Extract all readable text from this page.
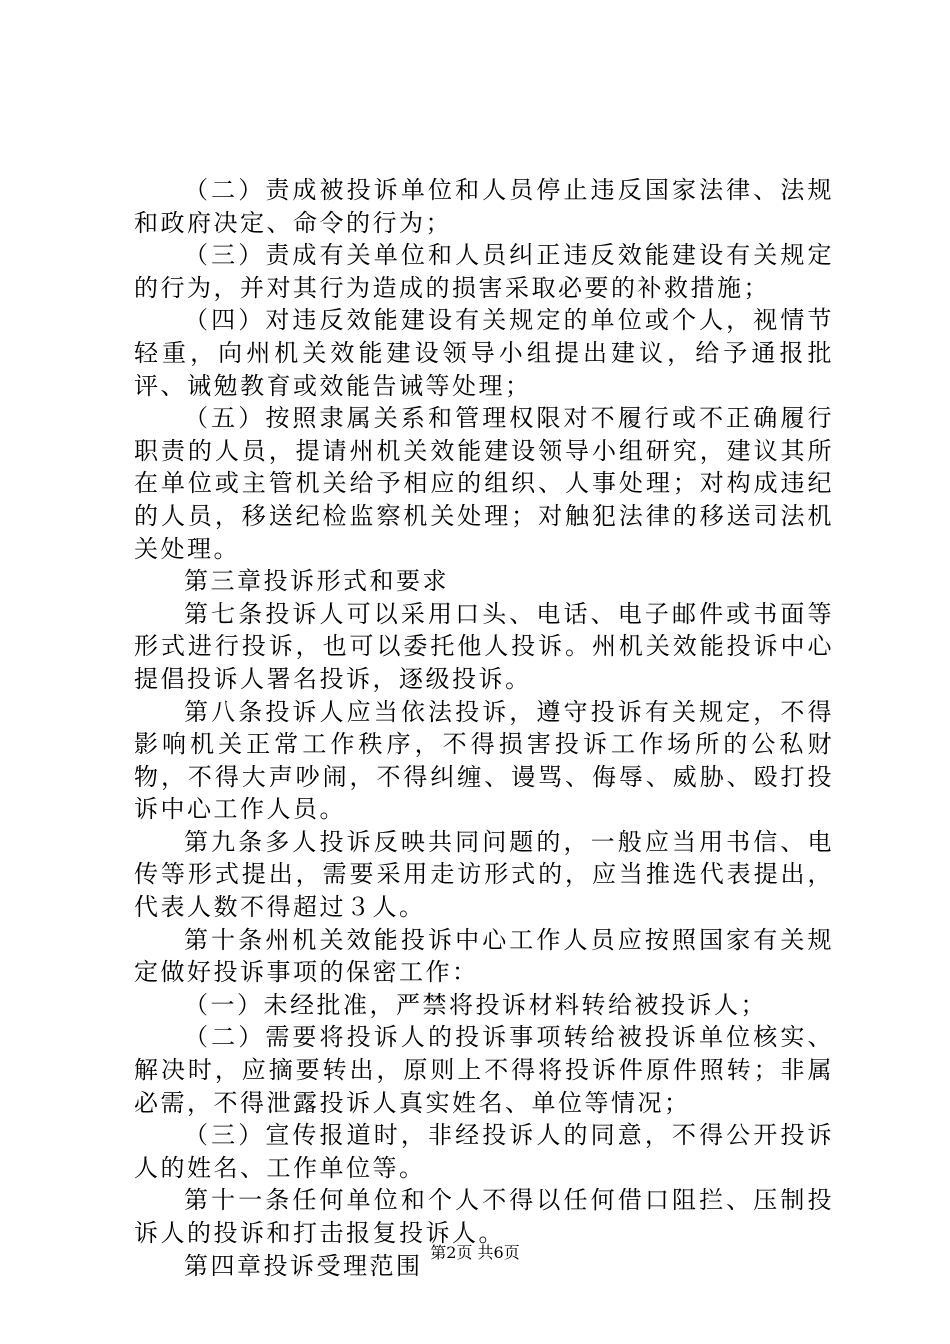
（二）责成被投诉单位和人员停止违反国家法律、法规和政府决定、命令的行为；

（三）责成有关单位和人员纠正违反效能建设有关规定的行为，并对其行为造成的损害采取必要的补救措施；

（四）对违反效能建设有关规定的单位或个人，视情节轻重，向州机关效能建设领导小组提出建议，给予通报批评、诫勉教育或效能告诫等处理；

（五）按照隶属关系和管理权限对不履行或不正确履行职责的人员，提请州机关效能建设领导小组研究，建议其所在单位或主管机关给予相应的组织、人事处理；对构成违纪的人员，移送纪检监察机关处理；对触犯法律的移送司法机关处理。

第三章投诉形式和要求

第七条投诉人可以采用口头、电话、电子邮件或书面等形式进行投诉，也可以委托他人投诉。州机关效能投诉中心提倡投诉人署名投诉，逐级投诉。

第八条投诉人应当依法投诉，遵守投诉有关规定，不得影响机关正常工作秩序，不得损害投诉工作场所的公私财物，不得大声吵闹，不得纠缠、谩骂、侮辱、威胁、殴打投诉中心工作人员。

第九条多人投诉反映共同问题的，一般应当用书信、电传等形式提出，需要采用走访形式的，应当推选代表提出，代表人数不得超过３人。

第十条州机关效能投诉中心工作人员应按照国家有关规定做好投诉事项的保密工作：

（一）未经批准，严禁将投诉材料转给被投诉人；

（二）需要将投诉人的投诉事项转给被投诉单位核实、解决时，应摘要转出，原则上不得将投诉件原件照转；非属必需，不得泄露投诉人真实姓名、单位等情况；

（三）宣传报道时，非经投诉人的同意，不得公开投诉人的姓名、工作单位等。

第十一条任何单位和个人不得以任何借口阻拦、压制投诉人的投诉和打击报复投诉人。

第四章投诉受理范围 第2页 共6页
